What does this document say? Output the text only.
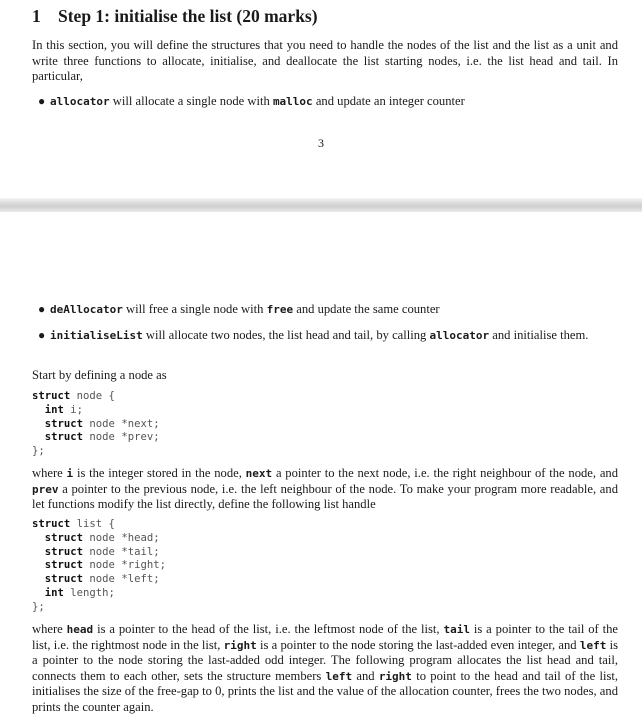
1 Step 1: initialise the list (20 marks)
In this section, you will define the structures that you need to handle the nodes of the list and the list as a unit and write three functions to allocate, initialise, and deallocate the list starting nodes, i.e. the list head and tail. In particular,
● allocator will allocate a single node with malloc and update an integer counter
3
● deAllocator will free a single node with free and update the same counter
● initialiseList will allocate two nodes, the list head and tail, by calling allocator and initialise them.
Start by defining a node as
struct node {
int i;
struct node *next;
struct node *prev;
};
where i is the integer stored in the node, next a pointer to the next node, i.e. the right neighbour of the node, and prev a pointer to the previous node, i.e. the left neighbour of the node. To make your program more readable, and let functions modify the list directly, define the following list handle
struct list {
struct node *head;
struct node *tail;
struct node *right;
struct node *left;
int length;
};
where head is a pointer to the head of the list, i.e. the leftmost node of the list, tail is a pointer to the tail of the list, i.e. the rightmost node in the list, right is a pointer to the node storing the last-added even integer, and left is a pointer to the node storing the last-added odd integer. The following program allocates the list head and tail, connects them to each other, sets the structure members left and right to point to the head and tail of the list, initialises the size of the free-gap to 0, prints the list and the value of the allocation counter, frees the two nodes, and prints the counter again.
